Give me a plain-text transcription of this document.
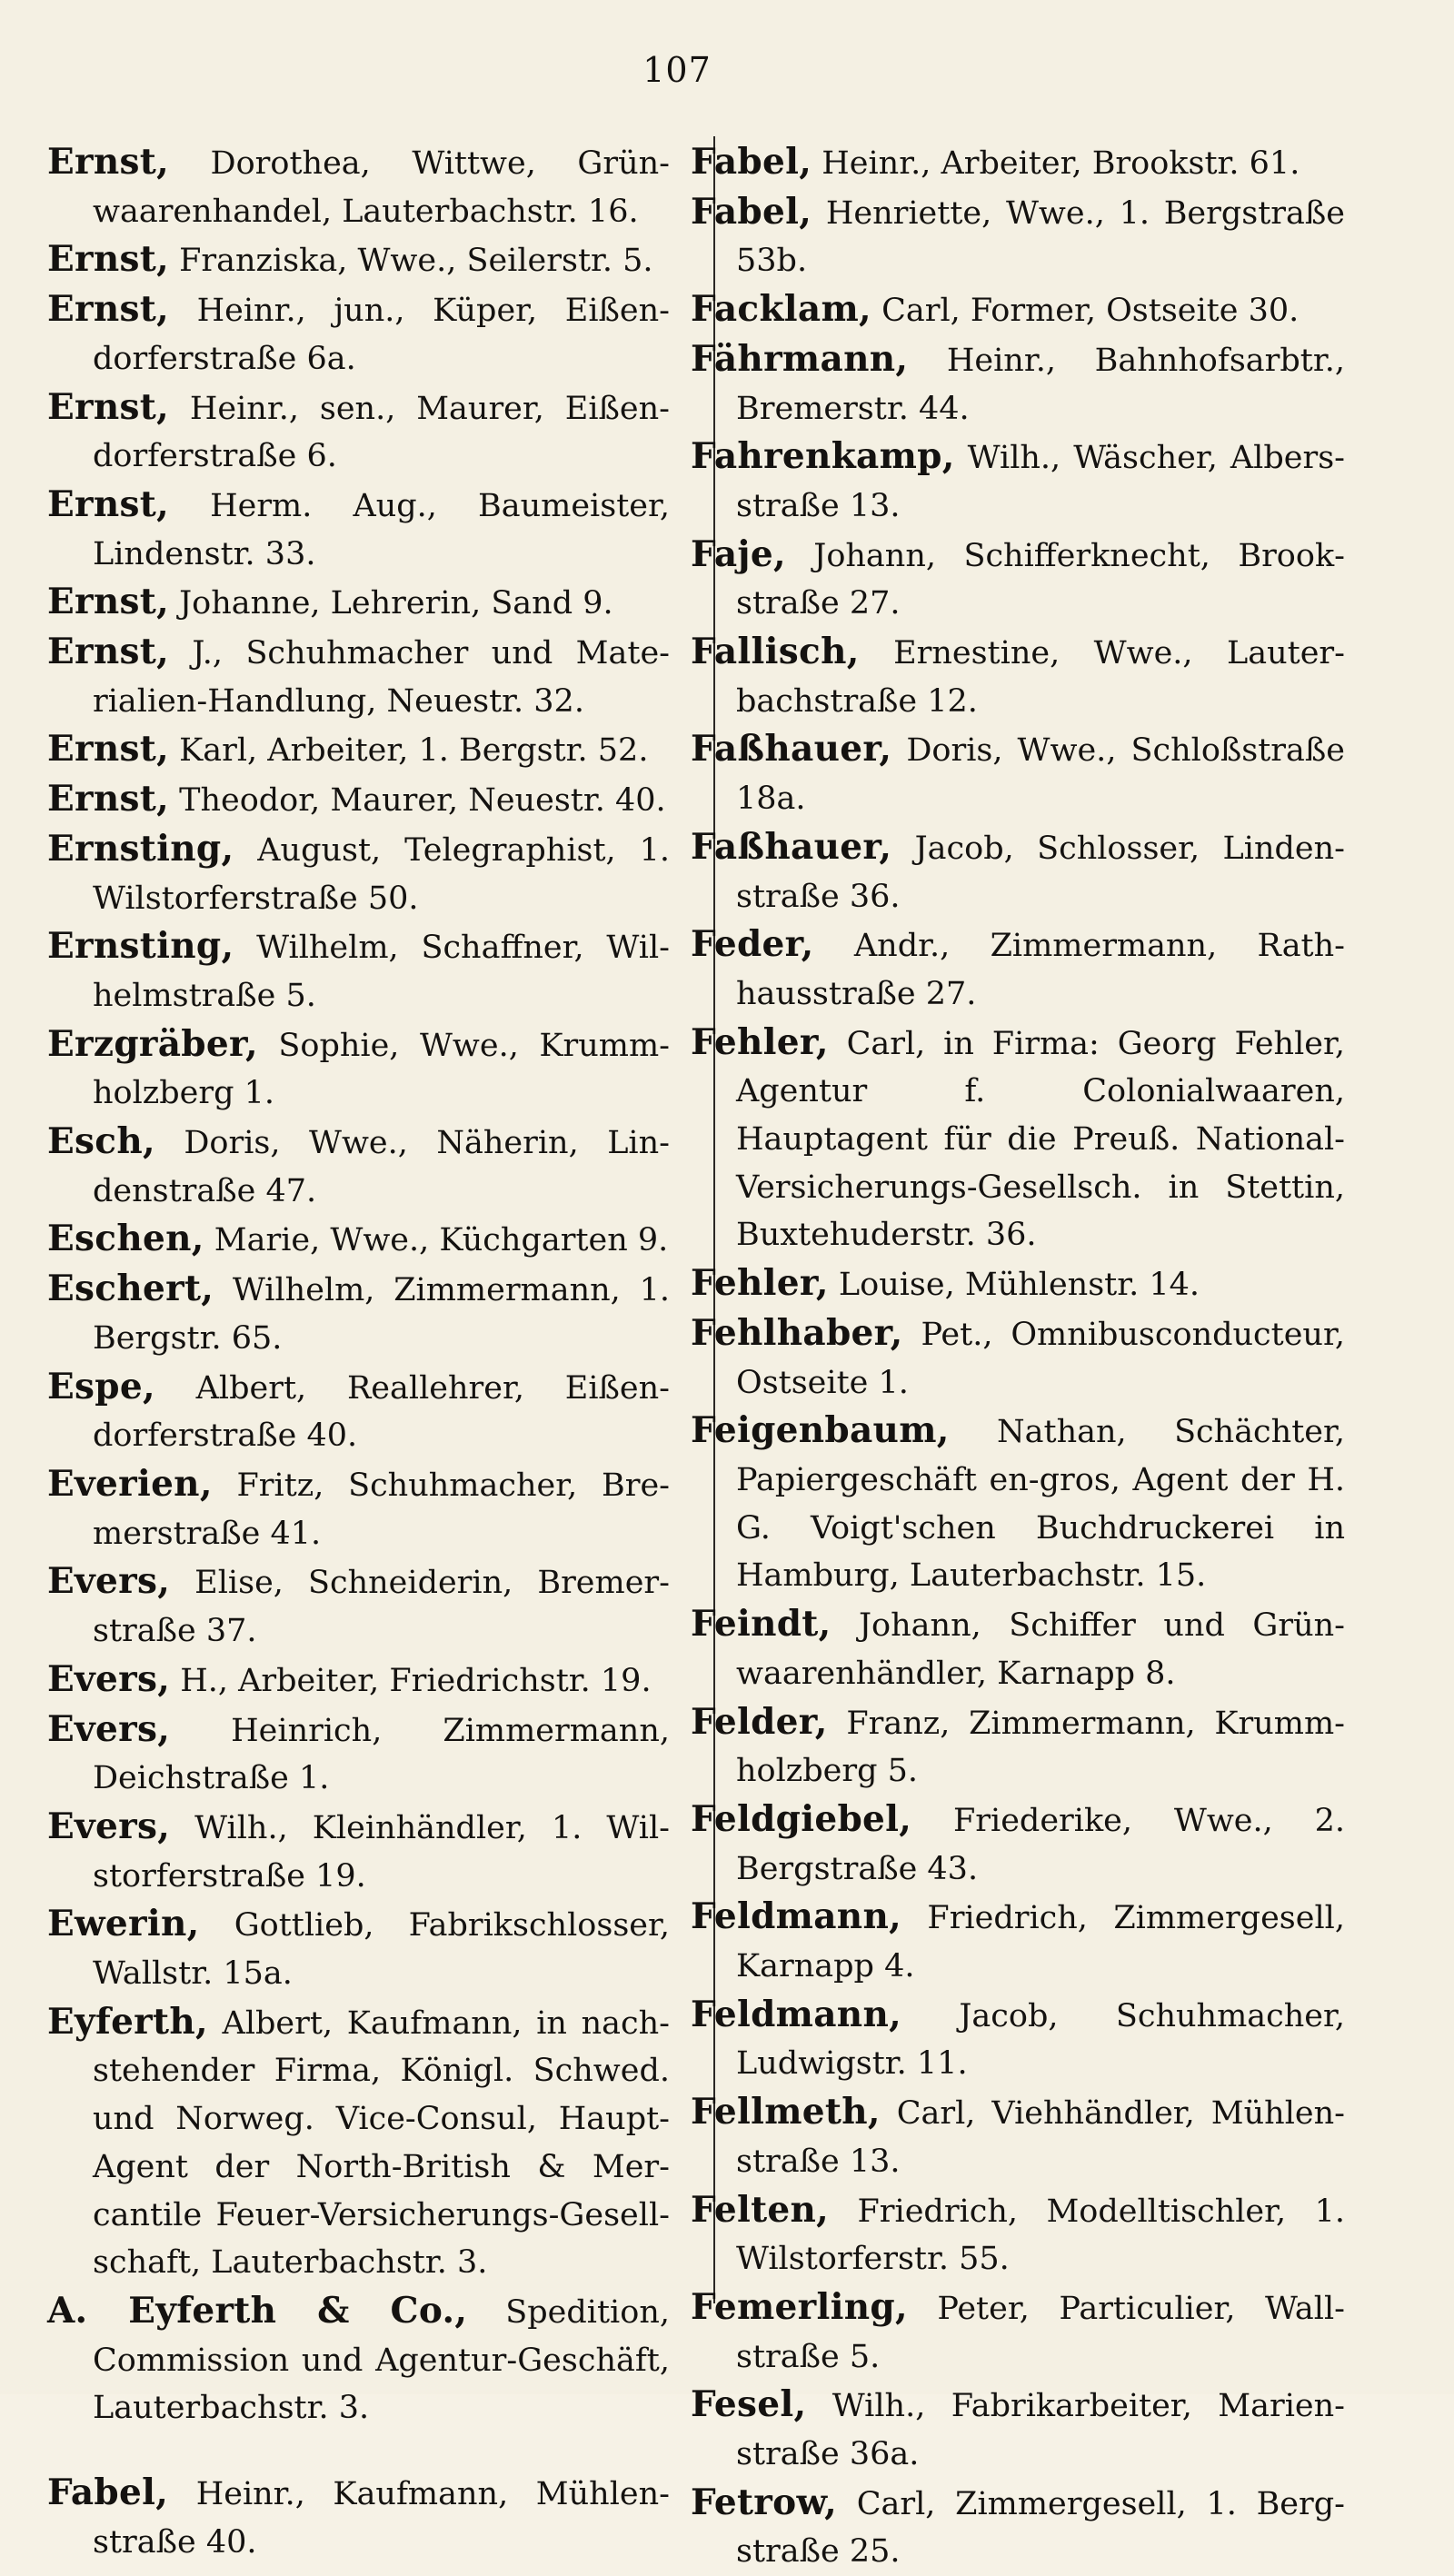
107

Ernst, Dorothea, Wittwe, Grünwaarenhandel, Lauterbachstr. 16.

Ernst, Franziska, Wwe., Seilerstr. 5.

Ernst, Heinr., jun., Küper, Eißendorferstraße 6a.

Ernst, Heinr., sen., Maurer, Eißendorferstraße 6.

Ernst, Herm. Aug., Baumeister, Lindenstr. 33.

Ernst, Johanne, Lehrerin, Sand 9.

Ernst, J., Schuhmacher und Materialien-Handlung, Neuestr. 32.

Ernst, Karl, Arbeiter, 1. Bergstr. 52.

Ernst, Theodor, Maurer, Neuestr. 40.

Ernsting, August, Telegraphist, 1. Wilstorferstraße 50.

Ernsting, Wilhelm, Schaffner, Wilhelmstraße 5.

Erzgräber, Sophie, Wwe., Krummholzberg 1.

Esch, Doris, Wwe., Näherin, Lindenstraße 47.

Eschen, Marie, Wwe., Küchgarten 9.

Eschert, Wilhelm, Zimmermann, 1. Bergstr. 65.

Espe, Albert, Reallehrer, Eißendorferstraße 40.

Everien, Fritz, Schuhmacher, Bremerstraße 41.

Evers, Elise, Schneiderin, Bremerstraße 37.

Evers, H., Arbeiter, Friedrichstr. 19.

Evers, Heinrich, Zimmermann, Deichstraße 1.

Evers, Wilh., Kleinhändler, 1. Wilstorferstraße 19.

Ewerin, Gottlieb, Fabrikschlosser, Wallstr. 15a.

Eyferth, Albert, Kaufmann, in nachstehender Firma, Königl. Schwed. und Norweg. Vice-Consul, Haupt-Agent der North-British & Mercantile Feuer-Versicherungs-Gesellschaft, Lauterbachstr. 3.

A. Eyferth & Co., Spedition, Commission und Agentur-Geschäft, Lauterbachstr. 3.

Fabel, Heinr., Kaufmann, Mühlenstraße 40.

Fabel, Heinr., Arbeiter, Brookstr. 61.

Fabel, Henriette, Wwe., 1. Bergstraße 53b.

Facklam, Carl, Former, Ostseite 30.

Fährmann, Heinr., Bahnhofsarbtr., Bremerstr. 44.

Fahrenkamp, Wilh., Wäscher, Albersstraße 13.

Faje, Johann, Schifferknecht, Brookstraße 27.

Fallisch, Ernestine, Wwe., Lauterbachstraße 12.

Faßhauer, Doris, Wwe., Schloßstraße 18a.

Faßhauer, Jacob, Schlosser, Lindenstraße 36.

Feder, Andr., Zimmermann, Rathhausstraße 27.

Fehler, Carl, in Firma: Georg Fehler, Agentur f. Colonialwaaren, Hauptagent für die Preuß. National-Versicherungs-Gesellsch. in Stettin, Buxtehuderstr. 36.

Fehler, Louise, Mühlenstr. 14.

Fehlhaber, Pet., Omnibusconducteur, Ostseite 1.

Feigenbaum, Nathan, Schächter, Papiergeschäft en-gros, Agent der H. G. Voigt'schen Buchdruckerei in Hamburg, Lauterbachstr. 15.

Feindt, Johann, Schiffer und Grünwaarenhändler, Karnapp 8.

Felder, Franz, Zimmermann, Krummholzberg 5.

Feldgiebel, Friederike, Wwe., 2. Bergstraße 43.

Feldmann, Friedrich, Zimmergesell, Karnapp 4.

Feldmann, Jacob, Schuhmacher, Ludwigstr. 11.

Fellmeth, Carl, Viehhändler, Mühlenstraße 13.

Felten, Friedrich, Modelltischler, 1. Wilstorferstr. 55.

Femerling, Peter, Particulier, Wallstraße 5.

Fesel, Wilh., Fabrikarbeiter, Marienstraße 36a.

Fetrow, Carl, Zimmergesell, 1. Bergstraße 25.
